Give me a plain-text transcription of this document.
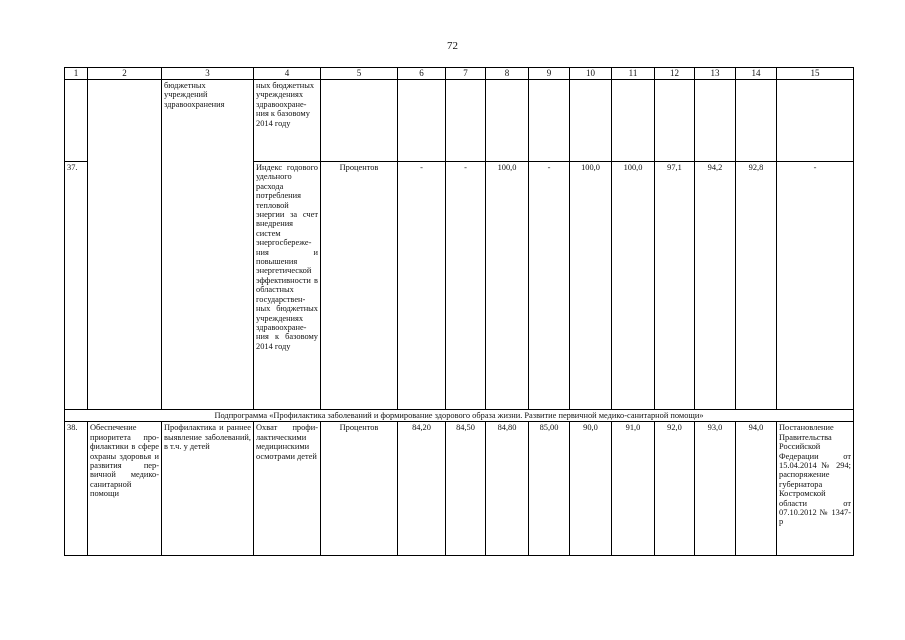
72
1	2	3	4	5	6	7	8	9	10	11	12	13	14	15
		бюджетных учреждений здравоохранения	ных бюджетных учреждениях здравоохране-ния к базовому 2014 году											
37.			Индекс годового удельного расхода потребления тепловой энергии за счет внедрения систем энергосбереже-ния и повышения энергетической эффективности в областных государствен-ных бюджетных учреждениях здравоохране-ния к базовому 2014 году	Процентов	-	-	100,0	-	100,0	100,0	97,1	94,2	92,8	-
Подпрограмма «Профилактика заболеваний и формирование здорового образа жизни. Развитие первичной медико-санитарной помощи»														
38.	Обеспечение приоритета про-филактики в сфере охраны здоровья и развития пер-вичной медико-санитарной помощи	Профилактика и раннее выявление заболеваний, в т.ч. у детей	Охват профи-лактическими медицинскими осмотрами детей	Процентов	84,20	84,50	84,80	85,00	90,0	91,0	92,0	93,0	94,0	Постановление Правительства Российской Федерации от 15.04.2014 № 294; распоряжение губернатора Костромской области от 07.10.2012 № 1347-р
